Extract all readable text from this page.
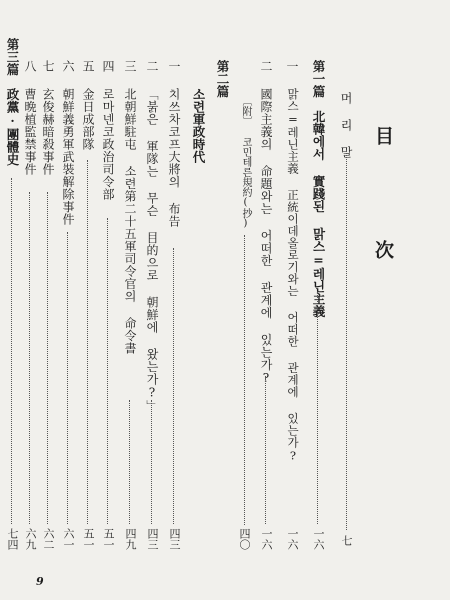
目　次
머 리 말
七
第一篇　北韓에서 實踐된 맑스=레닌主義
一六
一
맑스=레닌主義 正統이데올로기와는 어떠한 관계에 있는가?
一六
二
國際主義의 命題와는 어떠한 관계에 있는가?
一六
〔附〕 코민테른規約(抄)
四〇
第二篇
소련軍政時代
一
치쓰차코프大將의 布告
四三
二
「붉은 軍隊는 무슨 目的으로 朝鮮에 왔는가?」
四三
三
北朝鮮駐屯 소련第二十五軍司令官의 命令書
四九
四
로마넨코政治司令部
五一
五
金日成部隊
五一
六
朝鮮義勇軍武裝解除事件
六一
七
玄俊赫暗殺事件
六二
八
曹晩植監禁事件
六九
第三篇　政黨·團體史
七四
9
